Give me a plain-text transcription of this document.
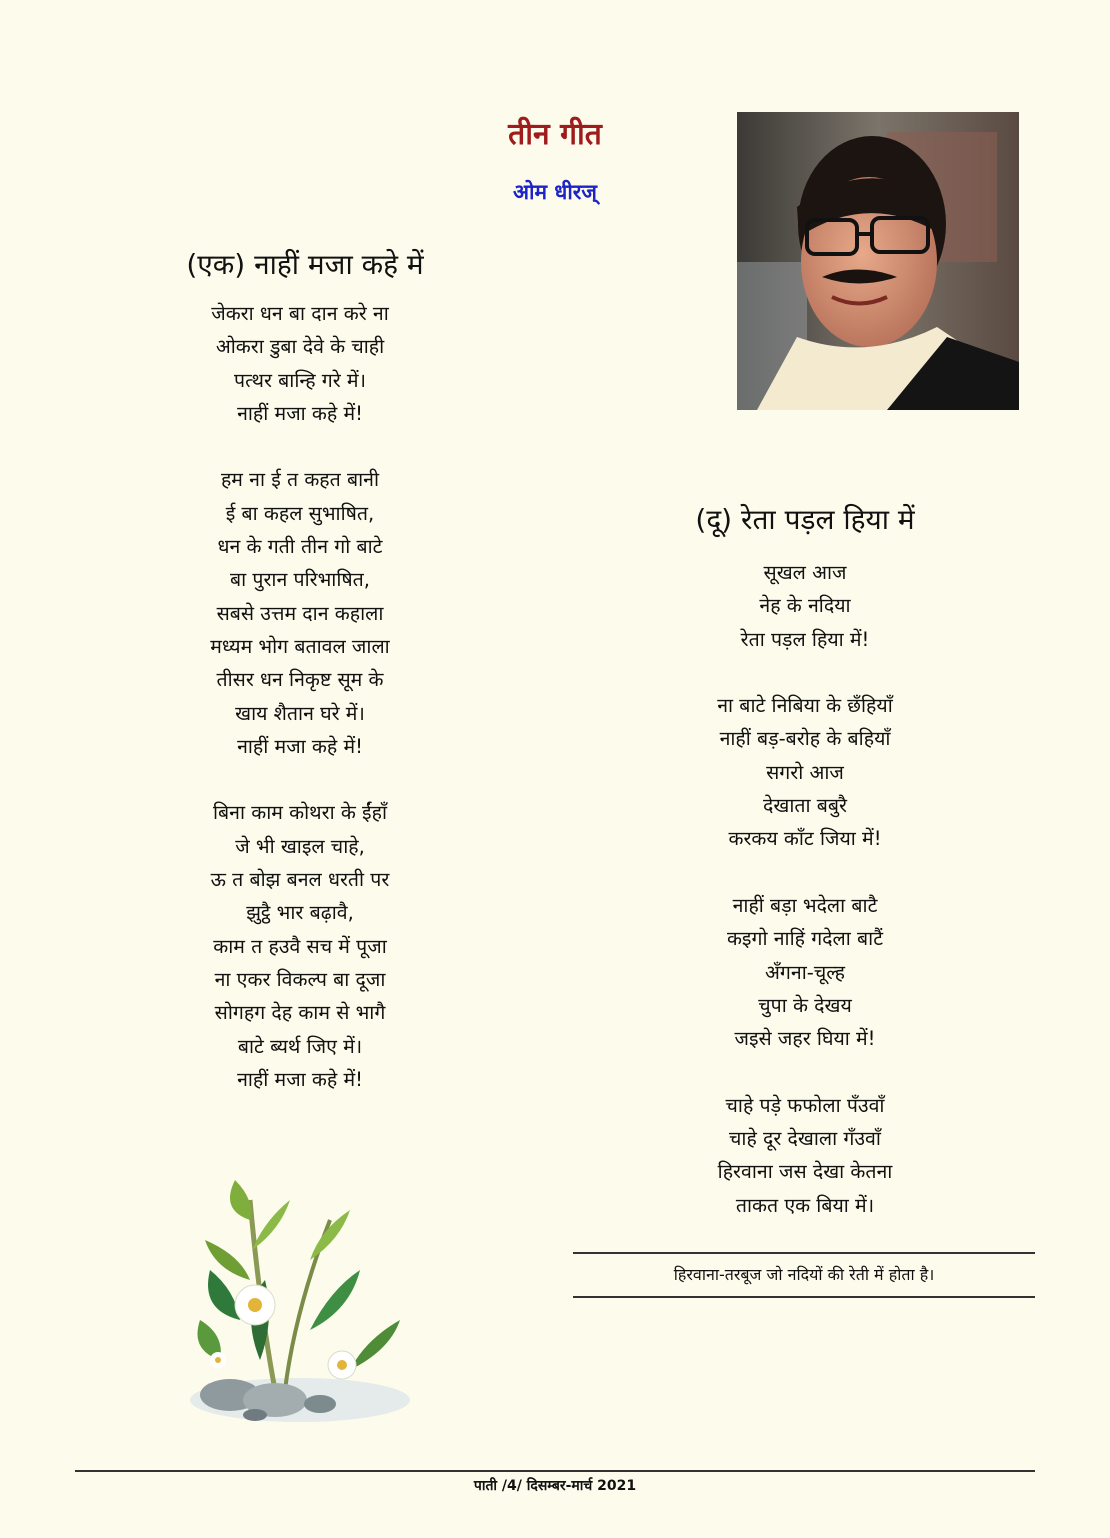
तीन गीत
ओम धीरज्
(एक) नाहीं मजा कहे में
जेकरा धन बा दान करे ना
ओकरा डुबा देवे के चाही
पत्थर बान्हि गरे में।
नाहीं मजा कहे में!
हम ना ई त कहत बानी
ई बा कहल सुभाषित,
धन के गती तीन गो बाटे
बा पुरान परिभाषित,
सबसे उत्तम दान कहाला
मध्यम भोग बतावल जाला
तीसर धन निकृष्ट सूम के
खाय शैतान घरे में।
नाहीं मजा कहे में!
बिना काम कोथरा के ईंहाँ
जे भी खाइल चाहे,
ऊ त बोझ बनल धरती पर
झुट्ठै भार बढ़ावै,
काम त हउवै सच में पूजा
ना एकर विकल्प बा दूजा
सोगहग देह काम से भागै
बाटे ब्यर्थ जिए में।
नाहीं मजा कहे में!
(दू) रेता पड़ल हिया में
सूखल आज
नेह के नदिया
रेता पड़ल हिया में!
ना बाटे निबिया के छँहियाँ
नाहीं बड़-बरोह के बहियाँ
सगरो आज
देखाता बबुरै
करकय काँट जिया में!
नाहीं बड़ा भदेला बाटै
कइगो नाहिं गदेला बाटैं
अँगना-चूल्ह
चुपा के देखय
जइसे जहर घिया में!
चाहे पड़े फफोला पँउवाँ
चाहे दूर देखाला गँउवाँ
हिरवाना जस देखा केतना
ताकत एक बिया में।
हिरवाना-तरबूज जो नदियों की रेती में होता है।
पाती /4/ दिसम्बर-मार्च 2021
